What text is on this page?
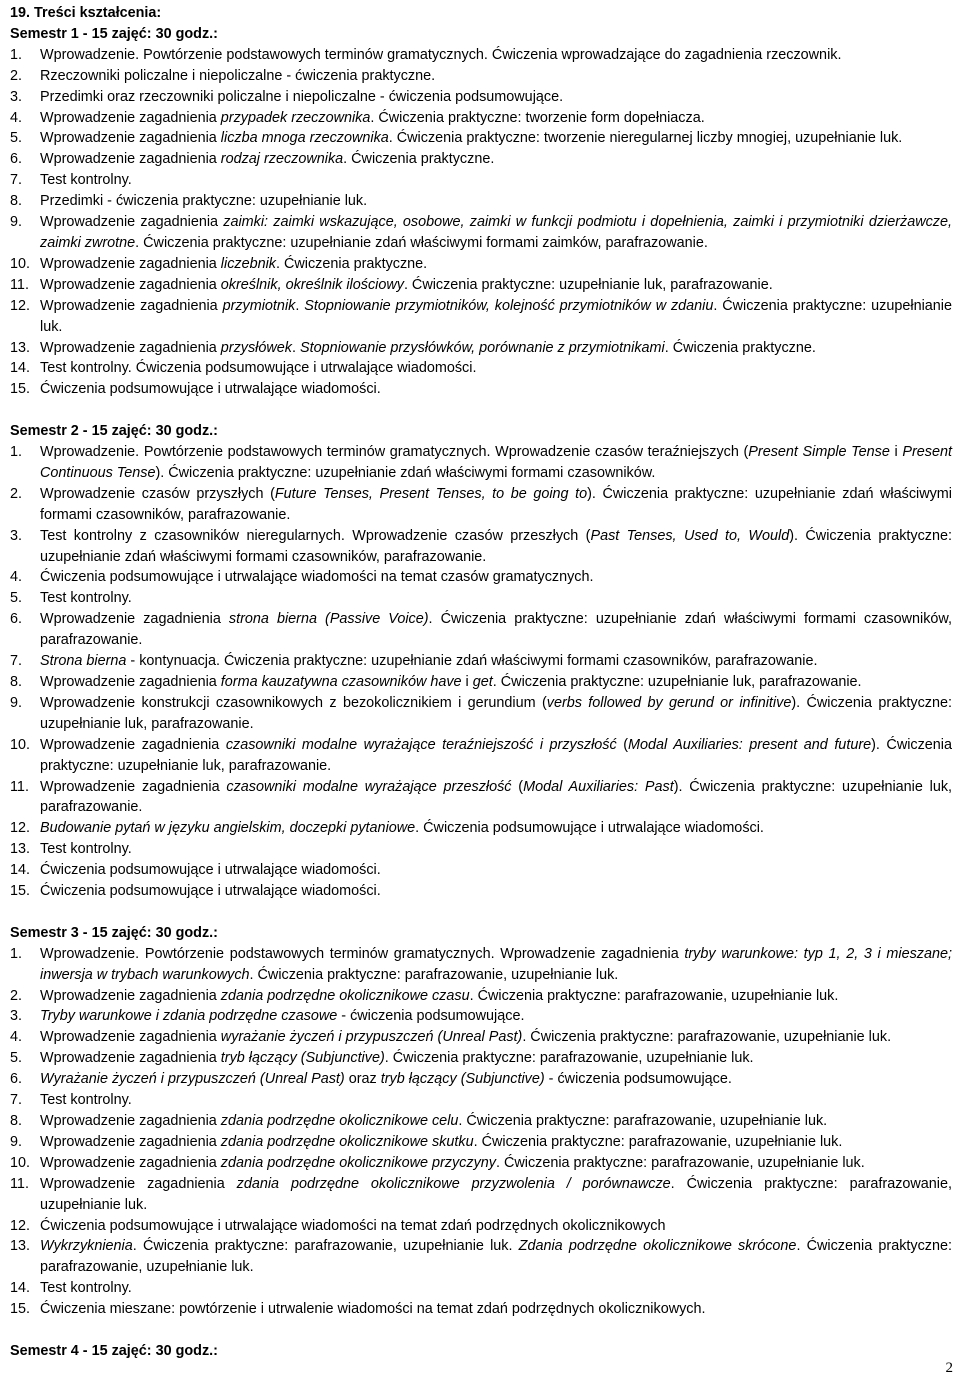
19. Treści kształcenia:
Semestr 1 - 15 zajęć: 30 godz.:
1. Wprowadzenie. Powtórzenie podstawowych terminów gramatycznych. Ćwiczenia wprowadzające do zagadnienia rzeczownik.
2. Rzeczowniki policzalne i niepoliczalne - ćwiczenia praktyczne.
3. Przedimki oraz rzeczowniki policzalne i niepoliczalne - ćwiczenia podsumowujące.
4. Wprowadzenie zagadnienia przypadek rzeczownika. Ćwiczenia praktyczne: tworzenie form dopełniacza.
5. Wprowadzenie zagadnienia liczba mnoga rzeczownika. Ćwiczenia praktyczne: tworzenie nieregularnej liczby mnogiej, uzupełnianie luk.
6. Wprowadzenie zagadnienia rodzaj rzeczownika. Ćwiczenia praktyczne.
7. Test kontrolny.
8. Przedimki - ćwiczenia praktyczne: uzupełnianie luk.
9. Wprowadzenie zagadnienia zaimki: zaimki wskazujące, osobowe, zaimki w funkcji podmiotu i dopełnienia, zaimki i przymiotniki dzierżawcze, zaimki zwrotne. Ćwiczenia praktyczne: uzupełnianie zdań właściwymi formami zaimków, parafrazowanie.
10. Wprowadzenie zagadnienia liczebnik. Ćwiczenia praktyczne.
11. Wprowadzenie zagadnienia określnik, określnik ilościowy. Ćwiczenia praktyczne: uzupełnianie luk, parafrazowanie.
12. Wprowadzenie zagadnienia przymiotnik. Stopniowanie przymiotników, kolejność przymiotników w zdaniu. Ćwiczenia praktyczne: uzupełnianie luk.
13. Wprowadzenie zagadnienia przysłówek. Stopniowanie przysłówków, porównanie z przymiotnikami. Ćwiczenia praktyczne.
14. Test kontrolny. Ćwiczenia podsumowujące i utrwalające wiadomości.
15. Ćwiczenia podsumowujące i utrwalające wiadomości.
Semestr 2 - 15 zajęć: 30 godz.:
1. Wprowadzenie. Powtórzenie podstawowych terminów gramatycznych. Wprowadzenie czasów teraźniejszych (Present Simple Tense i Present Continuous Tense). Ćwiczenia praktyczne: uzupełnianie zdań właściwymi formami czasowników.
2. Wprowadzenie czasów przyszłych (Future Tenses, Present Tenses, to be going to). Ćwiczenia praktyczne: uzupełnianie zdań właściwymi formami czasowników, parafrazowanie.
3. Test kontrolny z czasowników nieregularnych. Wprowadzenie czasów przeszłych (Past Tenses, Used to, Would). Ćwiczenia praktyczne: uzupełnianie zdań właściwymi formami czasowników, parafrazowanie.
4. Ćwiczenia podsumowujące i utrwalające wiadomości na temat czasów gramatycznych.
5. Test kontrolny.
6. Wprowadzenie zagadnienia strona bierna (Passive Voice). Ćwiczenia praktyczne: uzupełnianie zdań właściwymi formami czasowników, parafrazowanie.
7. Strona bierna - kontynuacja. Ćwiczenia praktyczne: uzupełnianie zdań właściwymi formami czasowników, parafrazowanie.
8. Wprowadzenie zagadnienia forma kauzatywna czasowników have i get. Ćwiczenia praktyczne: uzupełnianie luk, parafrazowanie.
9. Wprowadzenie konstrukcji czasownikowych z bezokolicznikiem i gerundium (verbs followed by gerund or infinitive). Ćwiczenia praktyczne: uzupełnianie luk, parafrazowanie.
10. Wprowadzenie zagadnienia czasowniki modalne wyrażające teraźniejszość i przyszłość (Modal Auxiliaries: present and future). Ćwiczenia praktyczne: uzupełnianie luk, parafrazowanie.
11. Wprowadzenie zagadnienia czasowniki modalne wyrażające przeszłość (Modal Auxiliaries: Past). Ćwiczenia praktyczne: uzupełnianie luk, parafrazowanie.
12. Budowanie pytań w języku angielskim, doczepki pytaniowe. Ćwiczenia podsumowujące i utrwalające wiadomości.
13. Test kontrolny.
14. Ćwiczenia podsumowujące i utrwalające wiadomości.
15. Ćwiczenia podsumowujące i utrwalające wiadomości.
Semestr 3 - 15 zajęć: 30 godz.:
1. Wprowadzenie. Powtórzenie podstawowych terminów gramatycznych. Wprowadzenie zagadnienia tryby warunkowe: typ 1, 2, 3 i mieszane; inwersja w trybach warunkowych. Ćwiczenia praktyczne: parafrazowanie, uzupełnianie luk.
2. Wprowadzenie zagadnienia zdania podrzędne okolicznikowe czasu. Ćwiczenia praktyczne: parafrazowanie, uzupełnianie luk.
3. Tryby warunkowe i zdania podrzędne czasowe - ćwiczenia podsumowujące.
4. Wprowadzenie zagadnienia wyrażanie życzeń i przypuszczeń (Unreal Past). Ćwiczenia praktyczne: parafrazowanie, uzupełnianie luk.
5. Wprowadzenie zagadnienia tryb łączący (Subjunctive). Ćwiczenia praktyczne: parafrazowanie, uzupełnianie luk.
6. Wyrażanie życzeń i przypuszczeń (Unreal Past) oraz tryb łączący (Subjunctive) - ćwiczenia podsumowujące.
7. Test kontrolny.
8. Wprowadzenie zagadnienia zdania podrzędne okolicznikowe celu. Ćwiczenia praktyczne: parafrazowanie, uzupełnianie luk.
9. Wprowadzenie zagadnienia zdania podrzędne okolicznikowe skutku. Ćwiczenia praktyczne: parafrazowanie, uzupełnianie luk.
10. Wprowadzenie zagadnienia zdania podrzędne okolicznikowe przyczyny. Ćwiczenia praktyczne: parafrazowanie, uzupełnianie luk.
11. Wprowadzenie zagadnienia zdania podrzędne okolicznikowe przyzwolenia / porównawcze. Ćwiczenia praktyczne: parafrazowanie, uzupełnianie luk.
12. Ćwiczenia podsumowujące i utrwalające wiadomości na temat zdań podrzędnych okolicznikowych
13. Wykrzyknienia. Ćwiczenia praktyczne: parafrazowanie, uzupełnianie luk. Zdania podrzędne okolicznikowe skrócone. Ćwiczenia praktyczne: parafrazowanie, uzupełnianie luk.
14. Test kontrolny.
15. Ćwiczenia mieszane: powtórzenie i utrwalenie wiadomości na temat zdań podrzędnych okolicznikowych.
Semestr 4 - 15 zajęć: 30 godz.:
2
